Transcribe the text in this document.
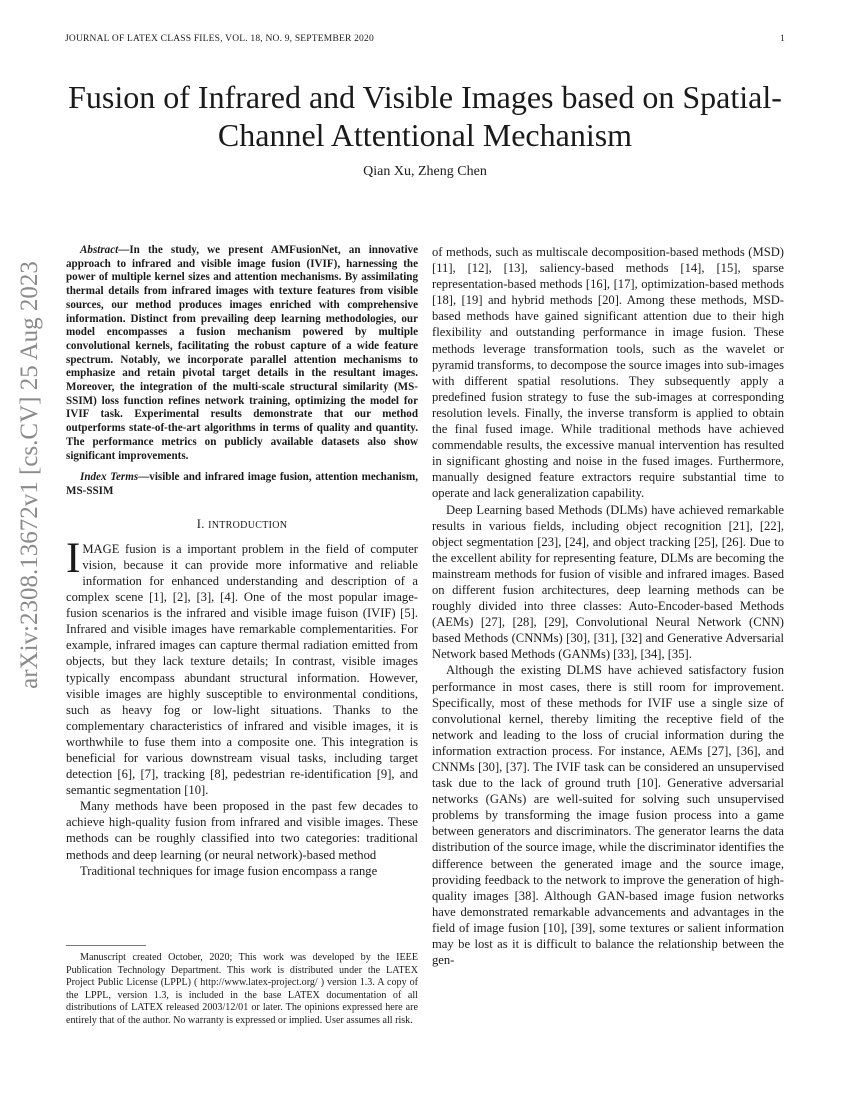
JOURNAL OF LATEX CLASS FILES, VOL. 18, NO. 9, SEPTEMBER 2020	1
Fusion of Infrared and Visible Images based on Spatial-Channel Attentional Mechanism
Qian Xu, Zheng Chen
arXiv:2308.13672v1 [cs.CV] 25 Aug 2023

Abstract—In the study, we present AMFusionNet, an innovative approach to infrared and visible image fusion (IVIF), harnessing the power of multiple kernel sizes and attention mechanisms. By assimilating thermal details from infrared images with texture features from visible sources, our method produces images enriched with comprehensive information. Distinct from prevailing deep learning methodologies, our model encompasses a fusion mechanism powered by multiple convolutional kernels, facilitating the robust capture of a wide feature spectrum. Notably, we incorporate parallel attention mechanisms to emphasize and retain pivotal target details in the resultant images. Moreover, the integration of the multi-scale structural similarity (MS-SSIM) loss function refines network training, optimizing the model for IVIF task. Experimental results demonstrate that our method outperforms state-of-the-art algorithms in terms of quality and quantity. The performance metrics on publicly available datasets also show significant improvements.

Index Terms—visible and infrared image fusion, attention mechanism, MS-SSIM

I. INTRODUCTION

IMAGE fusion is a important problem in the field of computer vision, because it can provide more informative and reliable information for enhanced understanding and description of a complex scene [1], [2], [3], [4]. One of the most popular image-fusion scenarios is the infrared and visible image fuison (IVIF) [5]. Infrared and visible images have remarkable complementarities. For example, infrared images can capture thermal radiation emitted from objects, but they lack texture details; In contrast, visible images typically encompass abundant structural information. However, visible images are highly susceptible to environmental conditions, such as heavy fog or low-light situations. Thanks to the complementary characteristics of infrared and visible images, it is worthwhile to fuse them into a composite one. This integration is beneficial for various downstream visual tasks, including target detection [6], [7], tracking [8], pedestrian re-identification [9], and semantic segmentation [10].

Many methods have been proposed in the past few decades to achieve high-quality fusion from infrared and visible images. These methods can be roughly classified into two categories: traditional methods and deep learning (or neural network)-based method

Traditional techniques for image fusion encompass a range

Manuscript created October, 2020; This work was developed by the IEEE Publication Technology Department. This work is distributed under the LATEX Project Public License (LPPL) ( http://www.latex-project.org/ ) version 1.3. A copy of the LPPL, version 1.3, is included in the base LATEX documentation of all distributions of LATEX released 2003/12/01 or later. The opinions expressed here are entirely that of the author. No warranty is expressed or implied. User assumes all risk.

of methods, such as multiscale decomposition-based methods (MSD) [11], [12], [13], saliency-based methods [14], [15], sparse representation-based methods [16], [17], optimization-based methods [18], [19] and hybrid methods [20]. Among these methods, MSD-based methods have gained significant attention due to their high flexibility and outstanding performance in image fusion. These methods leverage transformation tools, such as the wavelet or pyramid transforms, to decompose the source images into sub-images with different spatial resolutions. They subsequently apply a predefined fusion strategy to fuse the sub-images at corresponding resolution levels. Finally, the inverse transform is applied to obtain the final fused image. While traditional methods have achieved commendable results, the excessive manual intervention has resulted in significant ghosting and noise in the fused images. Furthermore, manually designed feature extractors require substantial time to operate and lack generalization capability.

Deep Learning based Methods (DLMs) have achieved remarkable results in various fields, including object recognition [21], [22], object segmentation [23], [24], and object tracking [25], [26]. Due to the excellent ability for representing feature, DLMs are becoming the mainstream methods for fusion of visible and infrared images. Based on different fusion architectures, deep learning methods can be roughly divided into three classes: Auto-Encoder-based Methods (AEMs) [27], [28], [29], Convolutional Neural Network (CNN) based Methods (CNNMs) [30], [31], [32] and Generative Adversarial Network based Methods (GANMs) [33], [34], [35].

Although the existing DLMS have achieved satisfactory fusion performance in most cases, there is still room for improvement. Specifically, most of these methods for IVIF use a single size of convolutional kernel, thereby limiting the receptive field of the network and leading to the loss of crucial information during the information extraction process. For instance, AEMs [27], [36], and CNNMs [30], [37]. The IVIF task can be considered an unsupervised task due to the lack of ground truth [10]. Generative adversarial networks (GANs) are well-suited for solving such unsupervised problems by transforming the image fusion process into a game between generators and discriminators. The generator learns the data distribution of the source image, while the discriminator identifies the difference between the generated image and the source image, providing feedback to the network to improve the generation of high-quality images [38]. Although GAN-based image fusion networks have demonstrated remarkable advancements and advantages in the field of image fusion [10], [39], some textures or salient information may be lost as it is difficult to balance the relationship between the gen-
